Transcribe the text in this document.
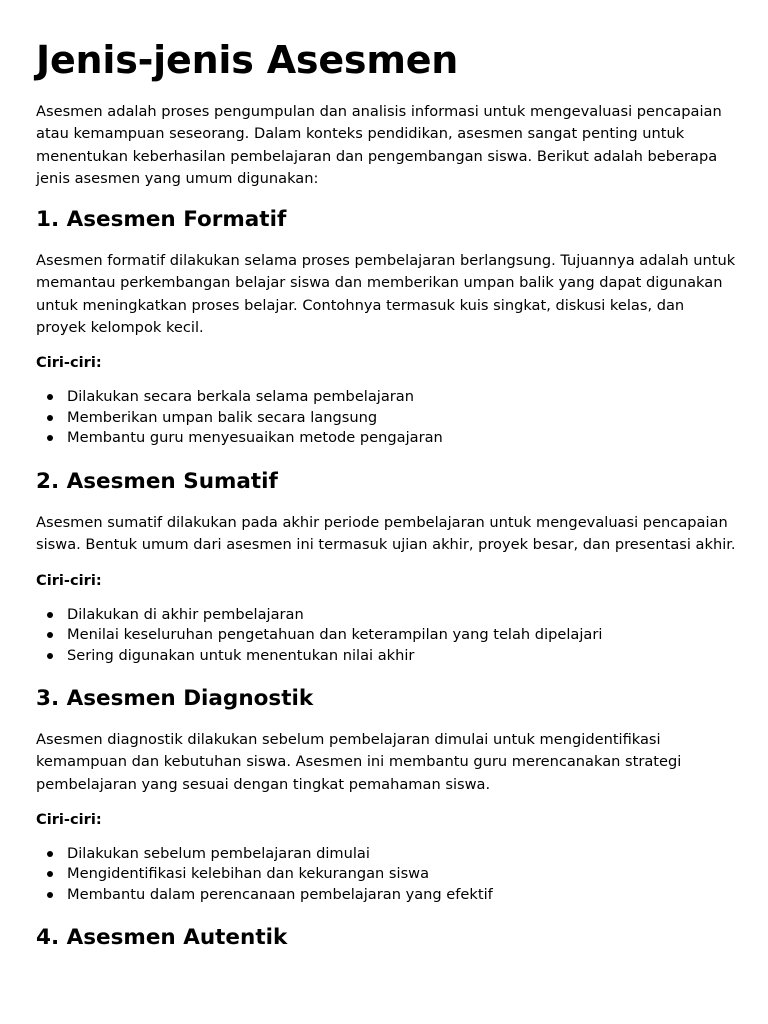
Jenis-jenis Asesmen

Asesmen adalah proses pengumpulan dan analisis informasi untuk mengevaluasi pencapaian atau kemampuan seseorang. Dalam konteks pendidikan, asesmen sangat penting untuk menentukan keberhasilan pembelajaran dan pengembangan siswa. Berikut adalah beberapa jenis asesmen yang umum digunakan:

1. Asesmen Formatif

Asesmen formatif dilakukan selama proses pembelajaran berlangsung. Tujuannya adalah untuk memantau perkembangan belajar siswa dan memberikan umpan balik yang dapat digunakan untuk meningkatkan proses belajar. Contohnya termasuk kuis singkat, diskusi kelas, dan proyek kelompok kecil.

Ciri-ciri:

Dilakukan secara berkala selama pembelajaran
Memberikan umpan balik secara langsung
Membantu guru menyesuaikan metode pengajaran
2. Asesmen Sumatif

Asesmen sumatif dilakukan pada akhir periode pembelajaran untuk mengevaluasi pencapaian siswa. Bentuk umum dari asesmen ini termasuk ujian akhir, proyek besar, dan presentasi akhir.

Ciri-ciri:

Dilakukan di akhir pembelajaran
Menilai keseluruhan pengetahuan dan keterampilan yang telah dipelajari
Sering digunakan untuk menentukan nilai akhir
3. Asesmen Diagnostik

Asesmen diagnostik dilakukan sebelum pembelajaran dimulai untuk mengidentifikasi kemampuan dan kebutuhan siswa. Asesmen ini membantu guru merencanakan strategi pembelajaran yang sesuai dengan tingkat pemahaman siswa.

Ciri-ciri:

Dilakukan sebelum pembelajaran dimulai
Mengidentifikasi kelebihan dan kekurangan siswa
Membantu dalam perencanaan pembelajaran yang efektif
4. Asesmen Autentik
